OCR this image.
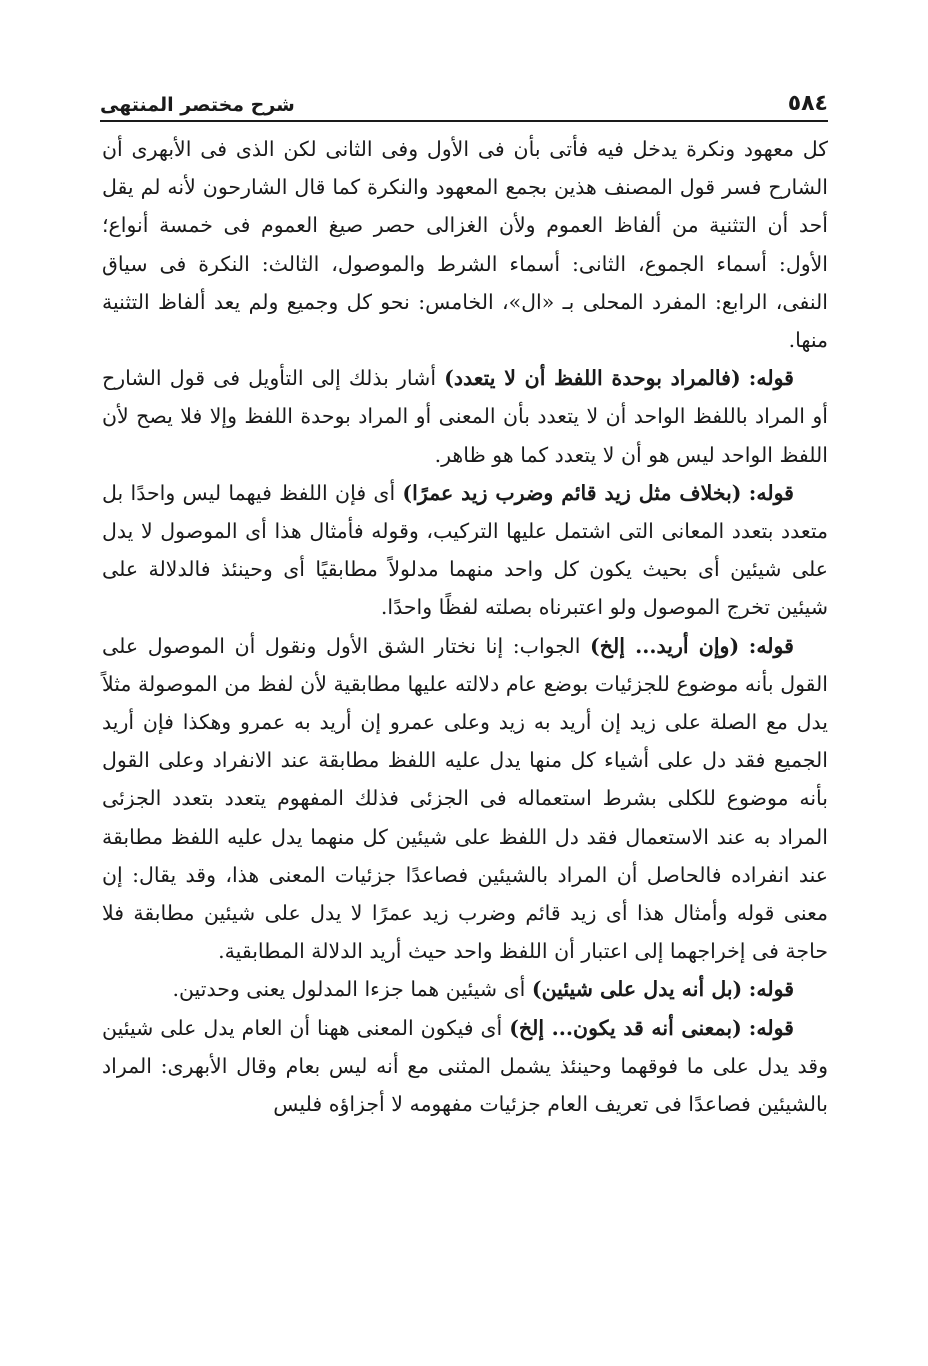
٥٨٤
شرح مختصر المنتهى

كل معهود ونكرة يدخل فيه فأتى بأن فى الأول وفى الثانى لكن الذى فى الأبهرى أن الشارح فسر قول المصنف هذين بجمع المعهود والنكرة كما قال الشارحون لأنه لم يقل أحد أن التثنية من ألفاظ العموم ولأن الغزالى حصر صيغ العموم فى خمسة أنواع؛ الأول: أسماء الجموع، الثانى: أسماء الشرط والموصول، الثالث: النكرة فى سياق النفى، الرابع: المفرد المحلى بـ «ال»، الخامس: نحو كل وجميع ولم يعد ألفاظ التثنية منها.

قوله: (فالمراد بوحدة اللفظ أن لا يتعدد) أشار بذلك إلى التأويل فى قول الشارح أو المراد باللفظ الواحد أن لا يتعدد بأن المعنى أو المراد بوحدة اللفظ وإلا فلا يصح لأن اللفظ الواحد ليس هو أن لا يتعدد كما هو ظاهر.

قوله: (بخلاف مثل زيد قائم وضرب زيد عمرًا) أى فإن اللفظ فيهما ليس واحدًا بل متعدد بتعدد المعانى التى اشتمل عليها التركيب، وقوله فأمثال هذا أى الموصول لا يدل على شيئين أى بحيث يكون كل واحد منهما مدلولاً مطابقيًا أى وحينئذ فالدلالة على شيئين تخرج الموصول ولو اعتبرناه بصلته لفظًا واحدًا.

قوله: (وإن أريد... إلخ) الجواب: إنا نختار الشق الأول ونقول أن الموصول على القول بأنه موضوع للجزئيات بوضع عام دلالته عليها مطابقية لأن لفظ من الموصولة مثلاً يدل مع الصلة على زيد إن أريد به زيد وعلى عمرو إن أريد به عمرو وهكذا فإن أريد الجميع فقد دل على أشياء كل منها يدل عليه اللفظ مطابقة عند الانفراد وعلى القول بأنه موضوع للكلى بشرط استعماله فى الجزئى فذلك المفهوم يتعدد بتعدد الجزئى المراد به عند الاستعمال فقد دل اللفظ على شيئين كل منهما يدل عليه اللفظ مطابقة عند انفراده فالحاصل أن المراد بالشيئين فصاعدًا جزئيات المعنى هذا، وقد يقال: إن معنى قوله وأمثال هذا أى زيد قائم وضرب زيد عمرًا لا يدل على شيئين مطابقة فلا حاجة فى إخراجهما إلى اعتبار أن اللفظ واحد حيث أريد الدلالة المطابقية.

قوله: (بل أنه يدل على شيئين) أى شيئين هما جزءا المدلول يعنى وحدتين.

قوله: (بمعنى أنه قد يكون... إلخ) أى فيكون المعنى ههنا أن العام يدل على شيئين وقد يدل على ما فوقهما وحينئذ يشمل المثنى مع أنه ليس بعام وقال الأبهرى: المراد بالشيئين فصاعدًا فى تعريف العام جزئيات مفهومه لا أجزاؤه فليس
